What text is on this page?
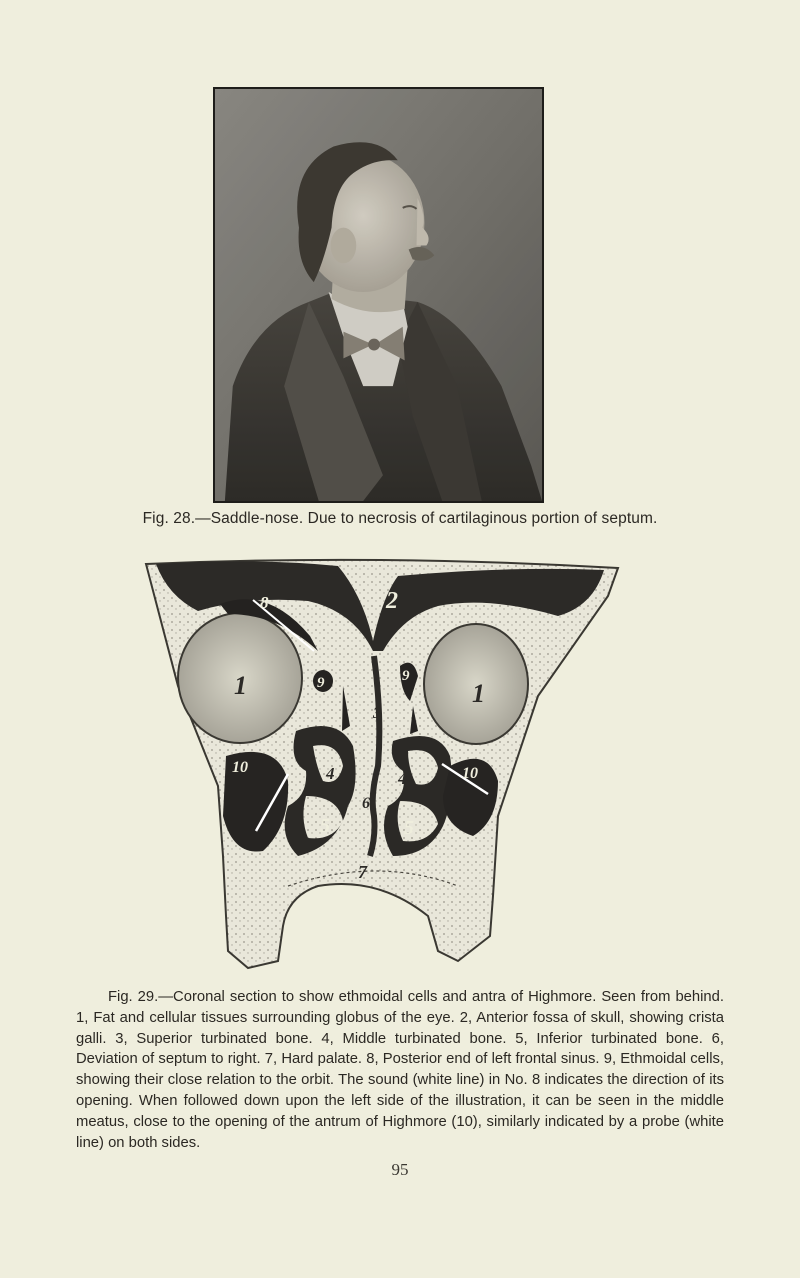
Fig. 28.—Saddle-nose. Due to necrosis of cartilaginous portion of septum.
2
8
1	1
9	9
3
4	4
6
5	5
7
10	10
Fig. 29.—Coronal section to show ethmoidal cells and antra of Highmore. Seen from behind. 1, Fat and cellular tissues surrounding globus of the eye. 2, Anterior fossa of skull, showing crista galli. 3, Superior turbinated bone. 4, Middle turbinated bone. 5, Inferior turbinated bone. 6, Deviation of septum to right. 7, Hard palate. 8, Posterior end of left frontal sinus. 9, Ethmoidal cells, showing their close relation to the orbit. The sound (white line) in No. 8 indicates the direction of its opening. When followed down upon the left side of the illustration, it can be seen in the middle meatus, close to the opening of the antrum of Highmore (10), similarly indicated by a probe (white line) on both sides.
95
